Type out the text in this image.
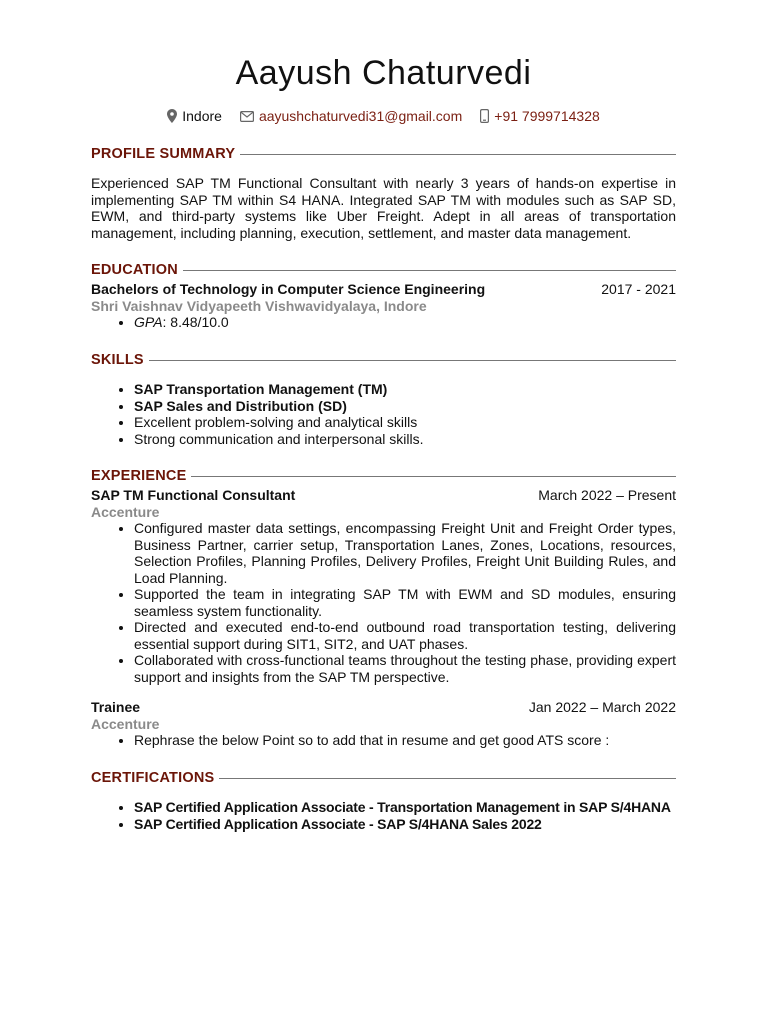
Aayush Chaturvedi
Indore	aayushchaturvedi31@gmail.com +91 7999714328
PROFILE SUMMARY

Experienced SAP TM Functional Consultant with nearly 3 years of hands-on expertise in implementing SAP TM within S4 HANA. Integrated SAP TM with modules such as SAP SD, EWM, and third-party systems like Uber Freight. Adept in all areas of transportation management, including planning, execution, settlement, and master data management.

EDUCATION
Bachelors of Technology in Computer Science Engineering	2017 - 2021
Shri Vaishnav Vidyapeeth Vishwavidyalaya, Indore
• GPA: 8.48/10.0
SKILLS
• SAP Transportation Management (TM)
• SAP Sales and Distribution (SD)
• Excellent problem-solving and analytical skills
• Strong communication and interpersonal skills.
EXPERIENCE
SAP TM Functional Consultant	March 2022 – Present
Accenture
• Configured master data settings, encompassing Freight Unit and Freight Order types, Business Partner, carrier setup, Transportation Lanes, Zones, Locations, resources, Selection Profiles, Planning Profiles, Delivery Profiles, Freight Unit Building Rules, and Load Planning.
• Supported the team in integrating SAP TM with EWM and SD modules, ensuring seamless system functionality.
• Directed and executed end-to-end outbound road transportation testing, delivering essential support during SIT1, SIT2, and UAT phases.
• Collaborated with cross-functional teams throughout the testing phase, providing expert support and insights from the SAP TM perspective.
Trainee	Jan 2022 – March 2022
Accenture
• Rephrase the below Point so to add that in resume and get good ATS score :
CERTIFICATIONS
• SAP Certified Application Associate - Transportation Management in SAP S/4HANA
• SAP Certified Application Associate - SAP S/4HANA Sales 2022
